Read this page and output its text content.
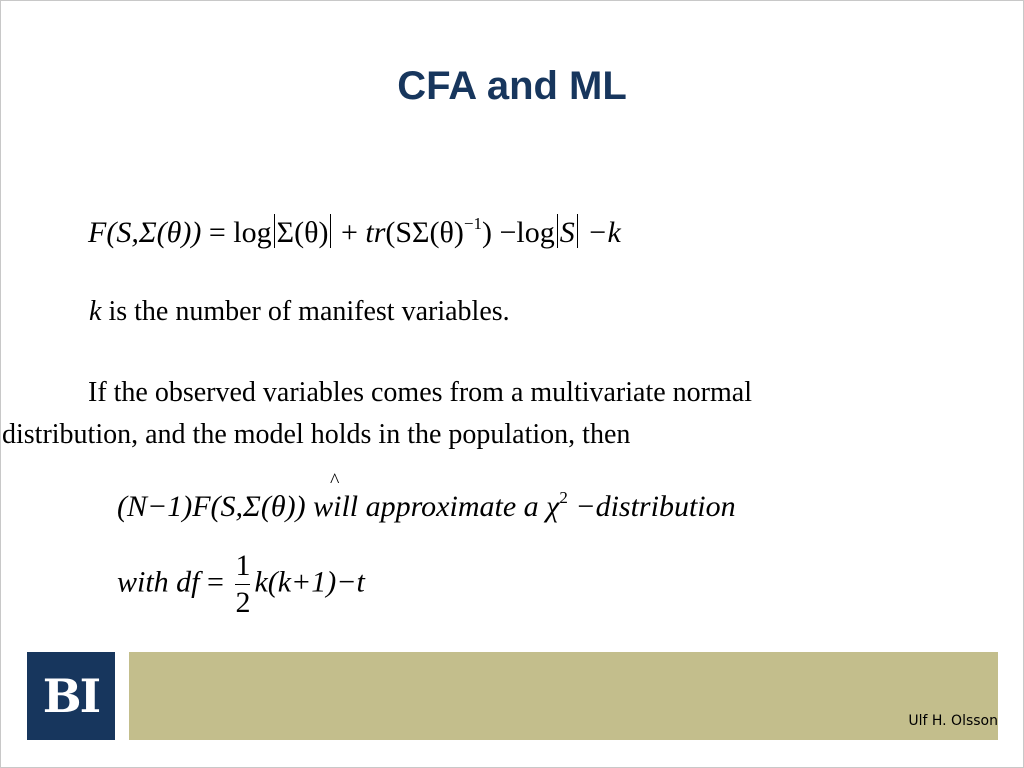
CFA and ML
$F(S,\Sigma(\theta)) = \log \Sigma(\theta) + tr(S\Sigma(\theta)^{-1}) -\log$ S −k
k is the number of manifest variables.
If the observed variables comes from a multivariate normal
distribution, and the model holds in the population, then
^
(N−1)F(S,Σ(θ)) will approximate a $\chi^2$ −distribution
with df = $\frac{1}{2} k(k+1)-t$
BI	Ulf H. Olsson
